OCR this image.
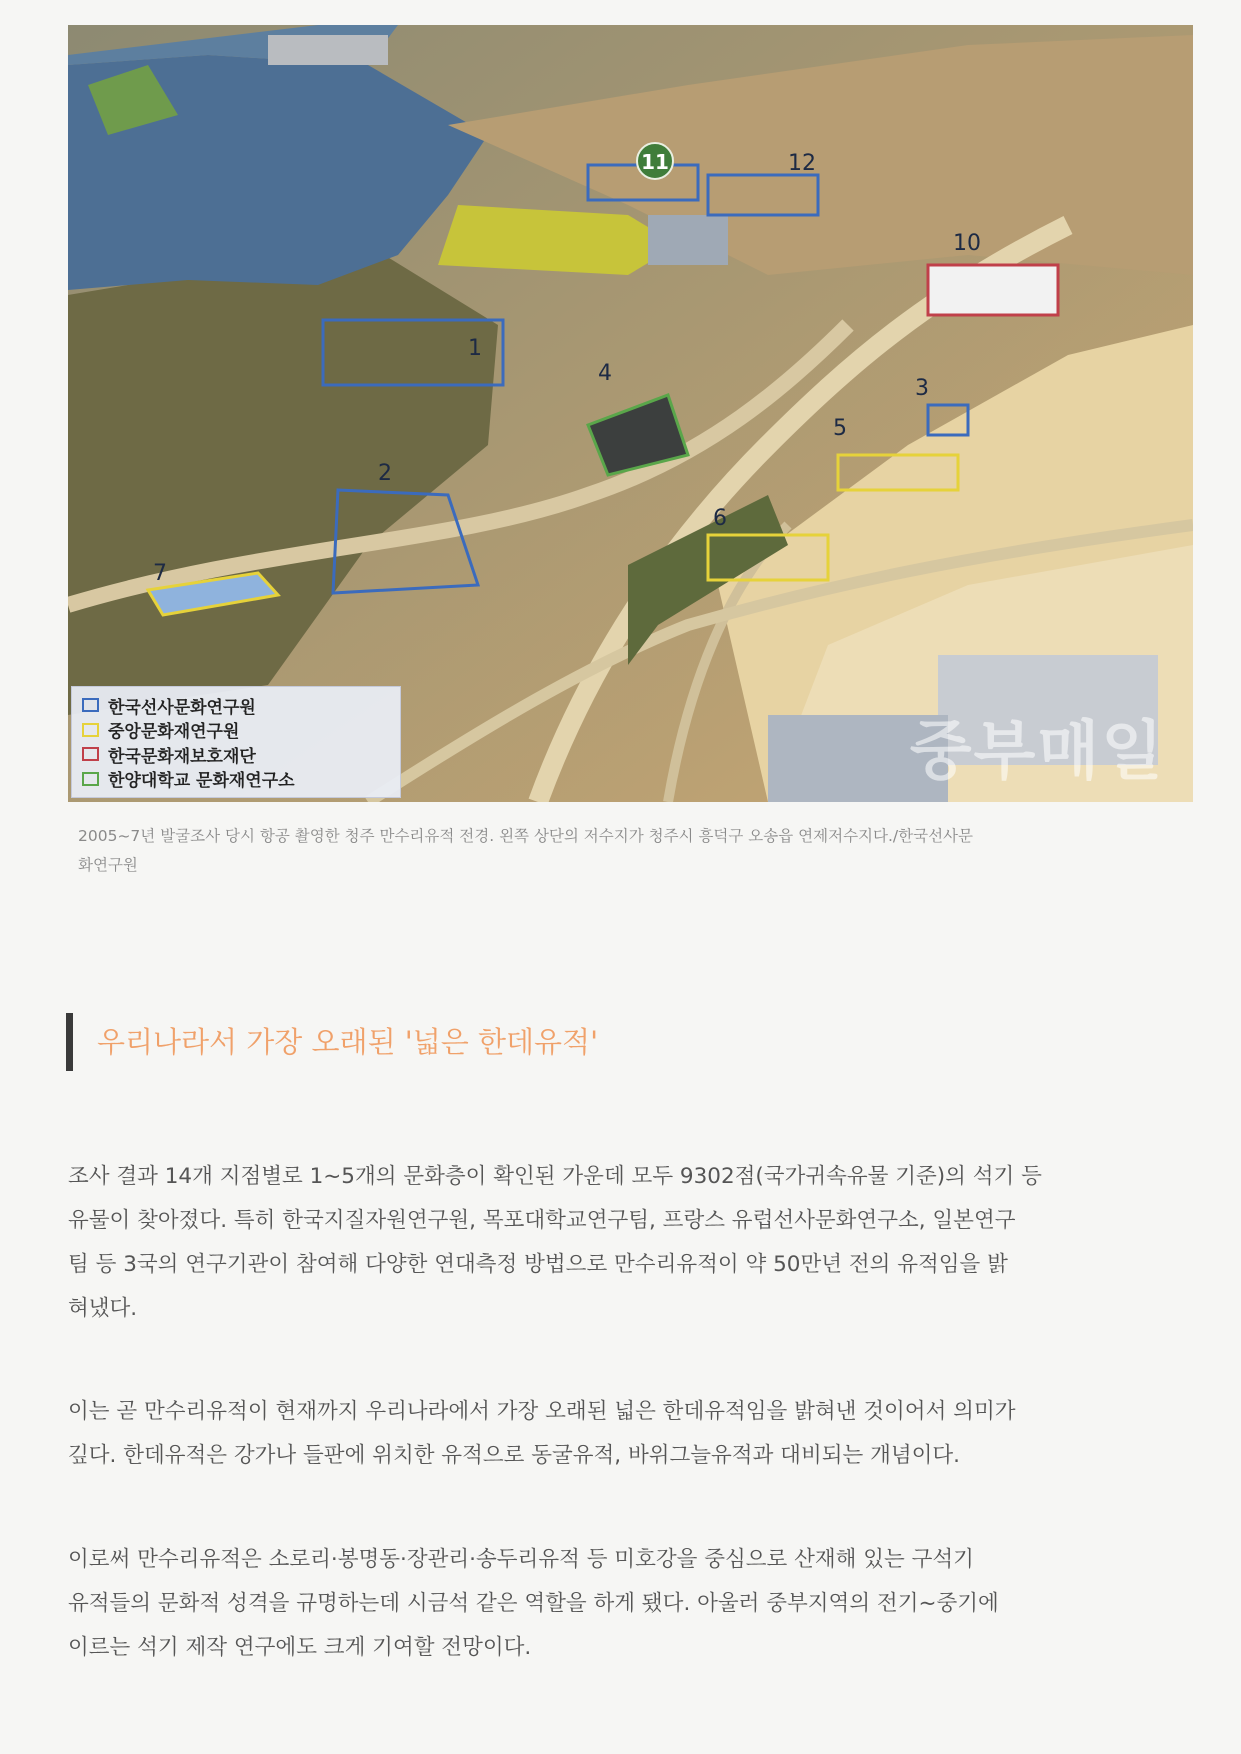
1
2
3
4
5
6
7
10
12
11
중부매일
한국선사문화연구원
중앙문화재연구원
한국문화재보호재단
한양대학교 문화재연구소
2005~7년 발굴조사 당시 항공 촬영한 청주 만수리유적 전경. 왼쪽 상단의 저수지가 청주시 흥덕구 오송읍 연제저수지다./한국선사문
화연구원
우리나라서 가장 오래된 '넓은 한데유적'
조사 결과 14개 지점별로 1~5개의 문화층이 확인된 가운데 모두 9302점(국가귀속유물 기준)의 석기 등
유물이 찾아졌다. 특히 한국지질자원연구원, 목포대학교연구팀, 프랑스 유럽선사문화연구소, 일본연구
팀 등 3국의 연구기관이 참여해 다양한 연대측정 방법으로 만수리유적이 약 50만년 전의 유적임을 밝
혀냈다.
이는 곧 만수리유적이 현재까지 우리나라에서 가장 오래된 넓은 한데유적임을 밝혀낸 것이어서 의미가
깊다. 한데유적은 강가나 들판에 위치한 유적으로 동굴유적, 바위그늘유적과 대비되는 개념이다.
이로써 만수리유적은 소로리·봉명동·장관리·송두리유적 등 미호강을 중심으로 산재해 있는 구석기
유적들의 문화적 성격을 규명하는데 시금석 같은 역할을 하게 됐다. 아울러 중부지역의 전기~중기에
이르는 석기 제작 연구에도 크게 기여할 전망이다.
